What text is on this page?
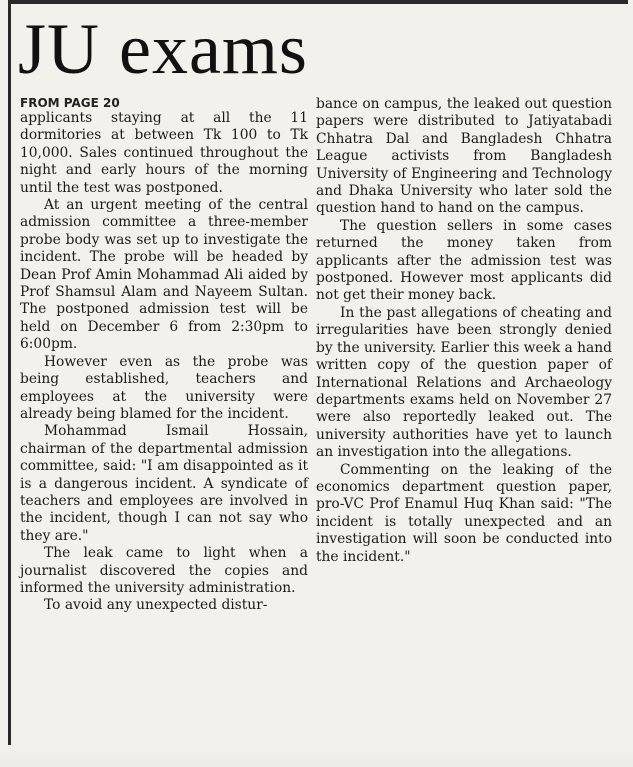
JU exams
FROM PAGE 20

applicants staying at all the 11 dormitories at between Tk 100 to Tk 10,000. Sales continued throughout the night and early hours of the morning until the test was postponed.

At an urgent meeting of the central admission committee a three-member probe body was set up to investigate the incident. The probe will be headed by Dean Prof Amin Mohammad Ali aided by Prof Shamsul Alam and Nayeem Sultan. The postponed admission test will be held on December 6 from 2:30pm to 6:00pm.

However even as the probe was being established, teachers and employees at the university were already being blamed for the incident.

Mohammad Ismail Hossain, chairman of the departmental admission committee, said: "I am disappointed as it is a dangerous incident. A syndicate of teachers and employees are involved in the incident, though I can not say who they are."

The leak came to light when a journalist discovered the copies and informed the university administration.

To avoid any unexpected distur-

bance on campus, the leaked out question papers were distributed to Jatiyatabadi Chhatra Dal and Bangladesh Chhatra League activists from Bangladesh University of Engineering and Technology and Dhaka University who later sold the question hand to hand on the campus.

The question sellers in some cases returned the money taken from applicants after the admission test was postponed. However most applicants did not get their money back.

In the past allegations of cheating and irregularities have been strongly denied by the university. Earlier this week a hand written copy of the question paper of International Relations and Archaeology departments exams held on November 27 were also reportedly leaked out. The university authorities have yet to launch an investigation into the allegations.

Commenting on the leaking of the economics department question paper, pro-VC Prof Enamul Huq Khan said: "The incident is totally unexpected and an investigation will soon be conducted into the incident."
